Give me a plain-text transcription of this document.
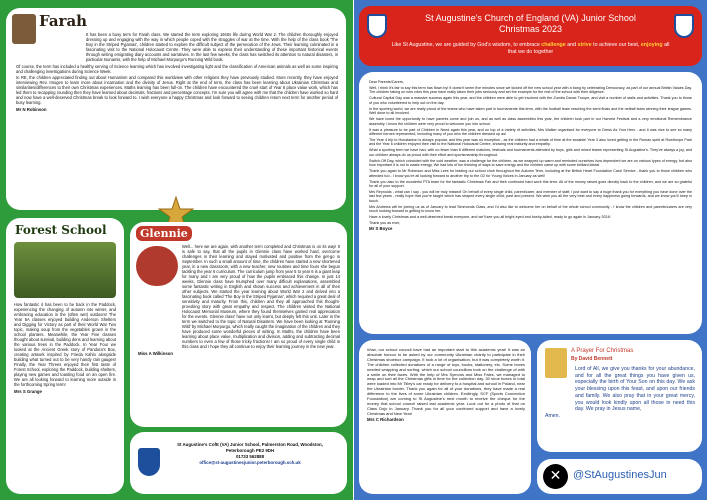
Farah

It has been a busy term for Farah class. We started the term exploring 1940s life during World War 2. The children thoroughly enjoyed dressing up and engaging with the way in which people coped with the struggles of war at the time. With the help of the class book 'The Boy in the Striped Pyjamas', children started to explore the difficult subject of the persecution of the Jews. Their learning culminated in a fascinating visit to the National Holocaust Centre. They were able to express their understanding of these important historical events through writing emigrating diary accounts and narratives. In the last few weeks, the class has switched its attention to natural disasters, in particular tsunamis, with the help of Michael Morpurgo's Running Wild book.

Of course, the term has included a healthy serving of Science learning which has involved investigating light and the classification of American animals as well as some inspiring and challenging investigations during Science Week.

In RE, the children appreciated finding out about Humanism and compared this worldview with other religions they have previously studied. More recently, they have enjoyed interviewing Rev. Imogen to learn more about incarnation and the divinity of Jesus. Right at the end of term, the class has been learning about Ukrainian Christmas and similarities/differences to their own Christmas experiences. Maths learning has been full-on. The children have encountered the cruel start of Year 6 place value work, which has led them to recapping rounding then they have learned about decimals, fractions and percentage concepts. I'm sure you will agree with me that the children have worked so hard and now have a well-deserved Christmas break to look forward to. I wish everyone a happy Christmas and look forward to seeing children return next term for another period of busy learning.

Mr N Robinson
Forest School

How fantastic it has been to be back in the Paddock, experiencing the changing of autumn into winter, and embracing education in the (often wet) outdoors! The Year 5A classes enjoyed building Anderson Shelters and Digging for Victory as part of their World War Two topic, making soup from the vegetables grown in the school planters. Meanwhile, the Year Five classes thought about survival, building dens and learning about the various trees in the Paddock. In Year Four we looked at the Ancient Greek story of Pandora's Box, creating artwork inspired by Frieda Kahlo alongside building what turned out to be very handy rain gauges! Finally, the Year Threes enjoyed their first taste of Forest School, exploring the Paddock, building shelters, playing new games and toasting food on an open fire. We are all looking forward to learning more outside in the forthcoming Spring term!

Mrs S Grange
Glennie

Well... here we are again, with another term completed and Christmas is on its way! It is safe to say, that all the pupils in Glennie class have worked hard, overcome challenges in their learning and stayed motivated and positive from the get-go in September. In such a small amount of time, the children have started a new shortened year, in a new classroom, with a new teacher, new routines and time fours she begun tackling the year 6 curriculum. The curriculum jump from year 5 to year 6 is a giant leap for many and I am very proud of how the pupils embraced this change. In just 14 weeks, Glennie class have triumphed over many difficult explanations, assembled some fantastic writing in English and shown success and achievement in all of their other subjects. We started the year learning about World War 2 and delved into a fascinating book called 'The Boy in the Striped Pyjamas', which required a great deal of sensitivity and maturity. From this, children and they all approached this thought-provoking story with great empathy and respect. The children visited the National Holocaust Memorial Museum, where they found themselves gained real appreciation for the events. Glennie class' have not only learnt, but deeply felt this unit. Later in the term we switched to the topic of Natural Disasters. We have been looking at 'Running Wild' by Michael Morpurgo, which really caught the imagination of the children and they have produced some wonderful pieces of writing. In Maths, the children have been learning about place value, multiplication and division, adding and subtracting decimal numbers to even a few of those tricky fractions! I am so proud of every single child in this class and I hope they all continue to enjoy their learning journey in the new year.

Miss A Wilkinson
St Augustine's CofE (VA) Junior School, Palmerston Road, Woodston,
Peterborough PE2 9DH
01733 562888
office@st-augustinesjunior.peterborough.sch.uk
St Augustine's Church of England (VA) Junior School
Christmas 2023
Like St Augustine, we are guided by God's wisdom, to embrace challenge and strive to achieve our best, enjoying all that we do together

Dear Parents/Carers,

Well, I think it's fair to say this term has flown by! It doesn't seem five minutes since we kicked off the new school year with a bang by celebrating Democracy, as part of our annual British Values Day. The children taking on new roles this year have really taken their jobs seriously and set the example for the rest of the school with their diligence.

Cultural Capital Day was a massive success again this year, and the children were able to get involved with the Zumba Dance Troupe, and visit a number of stalls and activities. Thank you to those of you who volunteered to help out on the day.

In the sporting world, we are really proud of the teams who have taken part in tournaments this term, with the football team reaching the semi finals and the netball team winning their league games. Well done to all involved.

We have loved the opportunity to have parents come and join us, and as well as class assemblies this year, the children took part in our Harvest Festival and a very emotional Remembrance assembly. I know the children were very proud to welcome you into school.

It was a pleasure to be part of Children in Need again this year, and on top of a variety of activities, Mrs Walker organised for everyone to Dress As Your Hero - and it was nice to see so many different heroes represented, including many of you who the children dressed up as!

The Year 4 trip to Hunstanton is always popular, and this year was no exception - as the children had a whale of time at the seaside! Year 3 also loved getting in the Roman spirit at Rowthorpe Park and the Year 6 children enjoyed their visit to the National Holocaust Centre, showing real maturity and empathy.

What a sporting term we have had, with no fewer than 8 different matches, festivals and tournaments attended by boys, girls and mixed teams representing St Augustine's. They've always a joy, and our children always do us proud with their effort and sportsmanship throughout.

Switch-Off Day, which coincided with the cold weather, was a challenge for the children, as we wrapped up warm and reminded ourselves how dependent we are on various types of energy, but also how important it is not to waste energy. We had lots of fun thinking of ways to save energy and the children came up with some brilliant ideas!

Thank you again to Mr Robinson and Miss Lees for leading our school choir throughout the Autumn Term, including at the British Heart Foundation Carol Service - thank you to those children who attended too - I know you're all looking forward to another trip to the O2 for Young Voices in January as well!

Thank you also to the wonderful PTA team for the fantastic Christmas Fair and their continued hard work this term. All of the money raised goes directly back to the children, and we are so grateful for all of your support.

Mrs Reynolds - what can I say - you will be truly missed! On behalf of every single child, parent/carer, and member of staff, I just want to say a huge thank you for everything you have done over the last few years - really hope that you're taught which has shaped every single child, past and present. We wish you all the very best and every happiness going forwards, and we know you'll keep in touch.

Mrs Andrews will be joining us as of January to lead Simmonds Class, and I'd also like to welcome her on behalf of the whole school community - I know the children and parents/carers are very much looking forward to getting to know her.

Have a lovely Christmas and a well-deserved break everyone, and we'll see you all bright-eyed and bushy-tailed, ready to go again in January 2024!

Thank you as ever,

Mr S Boyce

Wow, our school council have had an important start to this academic year! It was an absolute honour to be asked by our community Ukrainian charity to participate in their Christmas shoebox campaign. It took a lot of organisation, but it was completely worth it. The children collected donations of a range of toys, books, stationery, etc. Some boxes needed wrapping and sorting, which our school councillors took on the challenge of with a smile on their faces. With the help of Mrs Symons and Miss Fales, we managed to wrap and sort all the Christmas gifts in time for the collection day. 30 shoe boxes in total were loaded into Mr Tilley's car ready for delivery to a hospital and school in Poland, near the Ukrainian border. Thank you again for all of your donations, they have made a real difference to the lives of some Ukrainian children. Excitingly, SCF (Sports Connection Foundation) are coming to St Augustine's next month to receive the cheque for the money that school council raised last academic year. Look out for a photo of that on Class Dojo in January. Thank you for all your continued support and have a lovely Christmas and New Year!

Mrs C Richardson
A Prayer For Christmas
By David Bennett

Lord of All, we give you thanks for your abundance, and for all the great things you have given us, especially the birth of Your Son on this day. We ask your blessing upon this feast, and upon our friends and family. We also pray that in your great mercy, you would look kindly upon all those in need this day. We pray in Jesus name,

Amen.

✕	@StAugustinesJun
